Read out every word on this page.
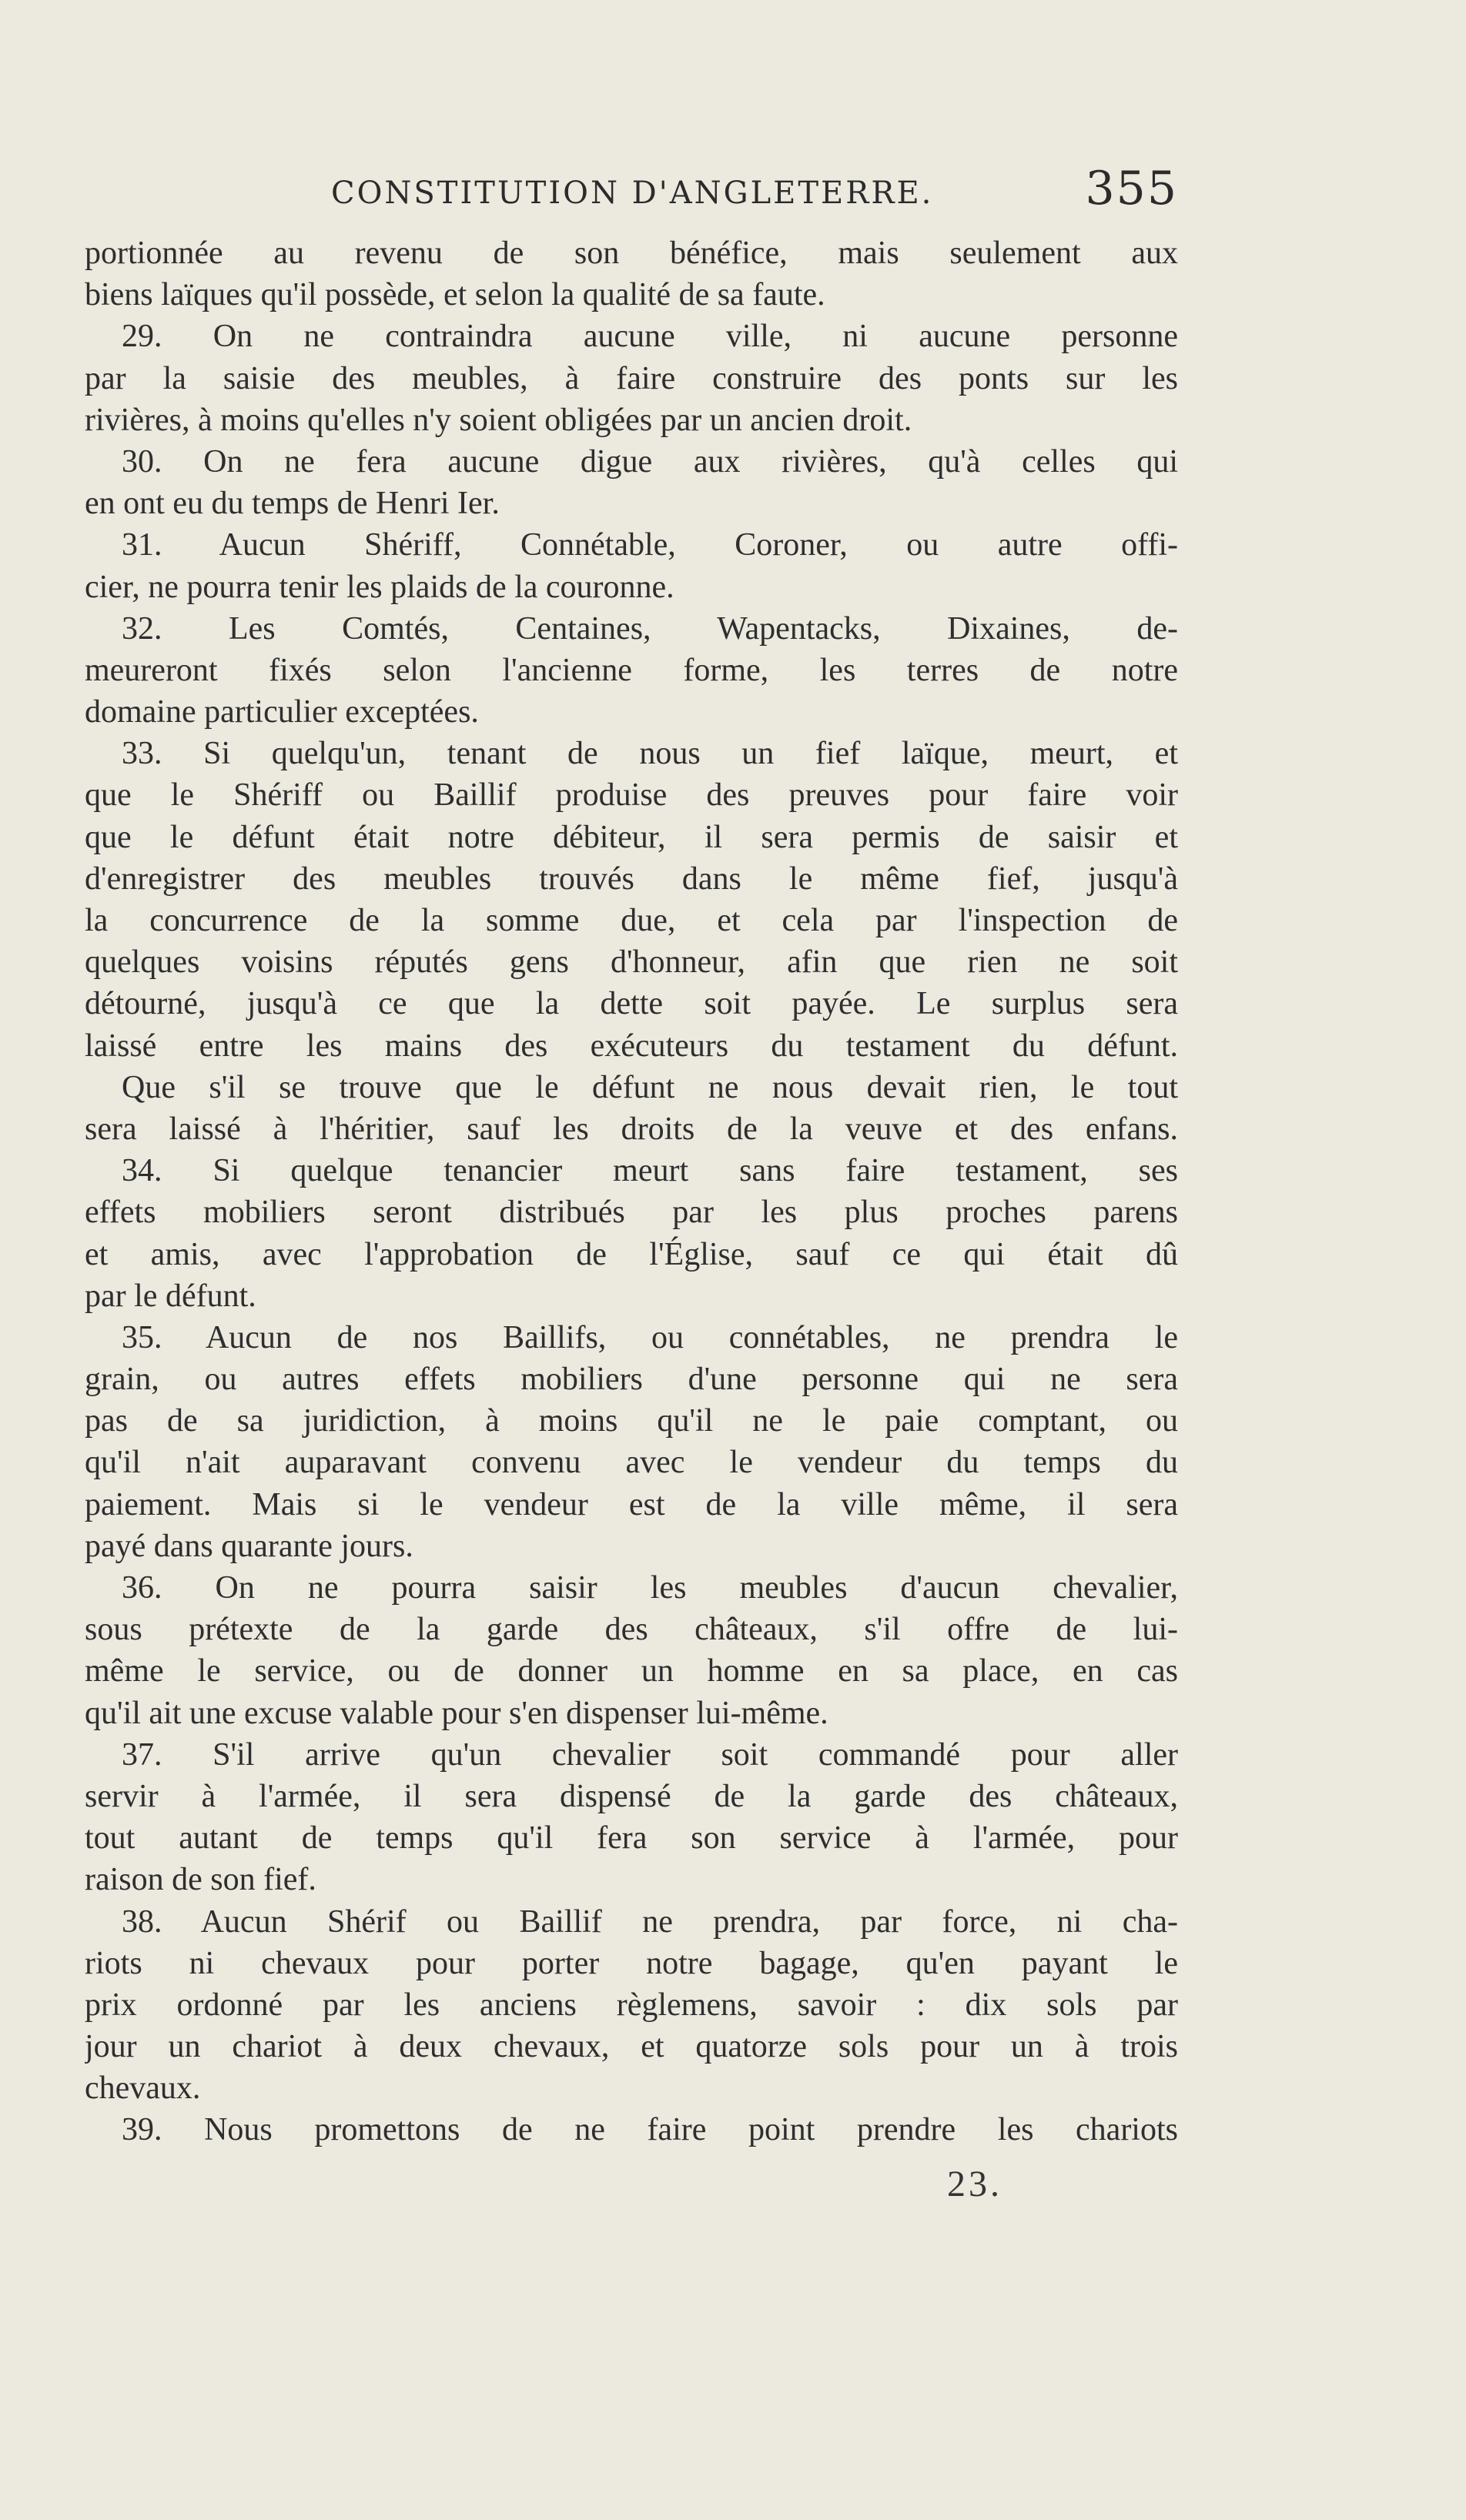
CONSTITUTION D'ANGLETERRE.	355
portionnée au revenu de son bénéfice, mais seulement aux
biens laïques qu'il possède, et selon la qualité de sa faute.
29. On ne contraindra aucune ville, ni aucune personne
par la saisie des meubles, à faire construire des ponts sur les
rivières, à moins qu'elles n'y soient obligées par un ancien droit.
30. On ne fera aucune digue aux rivières, qu'à celles qui
en ont eu du temps de Henri Ier.
31. Aucun Shériff, Connétable, Coroner, ou autre offi-
cier, ne pourra tenir les plaids de la couronne.
32. Les Comtés, Centaines, Wapentacks, Dixaines, de-
meureront fixés selon l'ancienne forme, les terres de notre
domaine particulier exceptées.
33. Si quelqu'un, tenant de nous un fief laïque, meurt, et
que le Shériff ou Baillif produise des preuves pour faire voir
que le défunt était notre débiteur, il sera permis de saisir et
d'enregistrer des meubles trouvés dans le même fief, jusqu'à
la concurrence de la somme due, et cela par l'inspection de
quelques voisins réputés gens d'honneur, afin que rien ne soit
détourné, jusqu'à ce que la dette soit payée. Le surplus sera
laissé entre les mains des exécuteurs du testament du défunt.
Que s'il se trouve que le défunt ne nous devait rien, le tout
sera laissé à l'héritier, sauf les droits de la veuve et des enfans.
34. Si quelque tenancier meurt sans faire testament, ses
effets mobiliers seront distribués par les plus proches parens
et amis, avec l'approbation de l'Église, sauf ce qui était dû
par le défunt.
35. Aucun de nos Baillifs, ou connétables, ne prendra le
grain, ou autres effets mobiliers d'une personne qui ne sera
pas de sa juridiction, à moins qu'il ne le paie comptant, ou
qu'il n'ait auparavant convenu avec le vendeur du temps du
paiement. Mais si le vendeur est de la ville même, il sera
payé dans quarante jours.
36. On ne pourra saisir les meubles d'aucun chevalier,
sous prétexte de la garde des châteaux, s'il offre de lui-
même le service, ou de donner un homme en sa place, en cas
qu'il ait une excuse valable pour s'en dispenser lui-même.
37. S'il arrive qu'un chevalier soit commandé pour aller
servir à l'armée, il sera dispensé de la garde des châteaux,
tout autant de temps qu'il fera son service à l'armée, pour
raison de son fief.
38. Aucun Shérif ou Baillif ne prendra, par force, ni cha-
riots ni chevaux pour porter notre bagage, qu'en payant le
prix ordonné par les anciens règlemens, savoir : dix sols par
jour un chariot à deux chevaux, et quatorze sols pour un à trois
chevaux.
39. Nous promettons de ne faire point prendre les chariots
23.
